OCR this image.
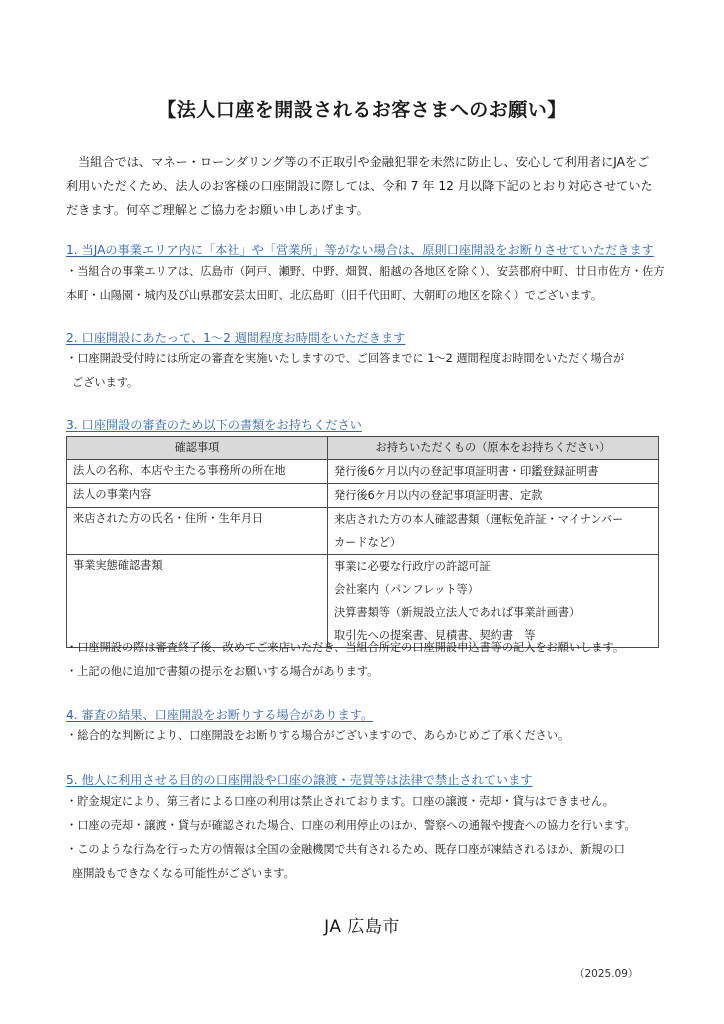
【法人口座を開設されるお客さまへのお願い】
当組合では、マネー・ローンダリング等の不正取引や金融犯罪を未然に防止し、安心して利用者にJAをご
利用いただくため、法人のお客様の口座開設に際しては、令和 7 年 12 月以降下記のとおり対応させていた
だきます。何卒ご理解とご協力をお願い申しあげます。
1. 当JAの事業エリア内に「本社」や「営業所」等がない場合は、原則口座開設をお断りさせていただきます
・当組合の事業エリアは、広島市（阿戸、瀬野、中野、畑賀、船越の各地区を除く）、安芸郡府中町、廿日市佐方・佐方
本町・山陽園・城内及び山県郡安芸太田町、北広島町（旧千代田町、大朝町の地区を除く）でございます。
2. 口座開設にあたって、1～2 週間程度お時間をいただきます
・口座開設受付時には所定の審査を実施いたしますので、ご回答までに 1～2 週間程度お時間をいただく場合が
ございます。
3. 口座開設の審査のため以下の書類をお持ちください
確認事項	お持ちいただくもの（原本をお持ちください）
法人の名称、本店や主たる事務所の所在地	発行後6ケ月以内の登記事項証明書・印鑑登録証明書

法人の事業内容	発行後6ケ月以内の登記事項証明書、定款

来店された方の氏名・住所・生年月日	来店された方の本人確認書類（運転免許証・マイナンバー
カードなど）

事業実態確認書類	事業に必要な行政庁の許認可証
会社案内（パンフレット等）
決算書類等（新規設立法人であれば事業計画書）
取引先への提案書、見積書、契約書　等
・口座開設の際は審査終了後、改めてご来店いただき、当組合所定の口座開設申込書等の記入をお願いします。
・上記の他に追加で書類の提示をお願いする場合があります。
4. 審査の結果、口座開設をお断りする場合があります。
・総合的な判断により、口座開設をお断りする場合がございますので、あらかじめご了承ください。
5. 他人に利用させる目的の口座開設や口座の譲渡・売買等は法律で禁止されています
・貯金規定により、第三者による口座の利用は禁止されております。口座の譲渡・売却・貸与はできません。
・口座の売却・譲渡・貸与が確認された場合、口座の利用停止のほか、警察への通報や捜査への協力を行います。
・このような行為を行った方の情報は全国の金融機関で共有されるため、既存口座が凍結されるほか、新規の口
座開設もできなくなる可能性がございます。
JA 広島市
（2025.09）
